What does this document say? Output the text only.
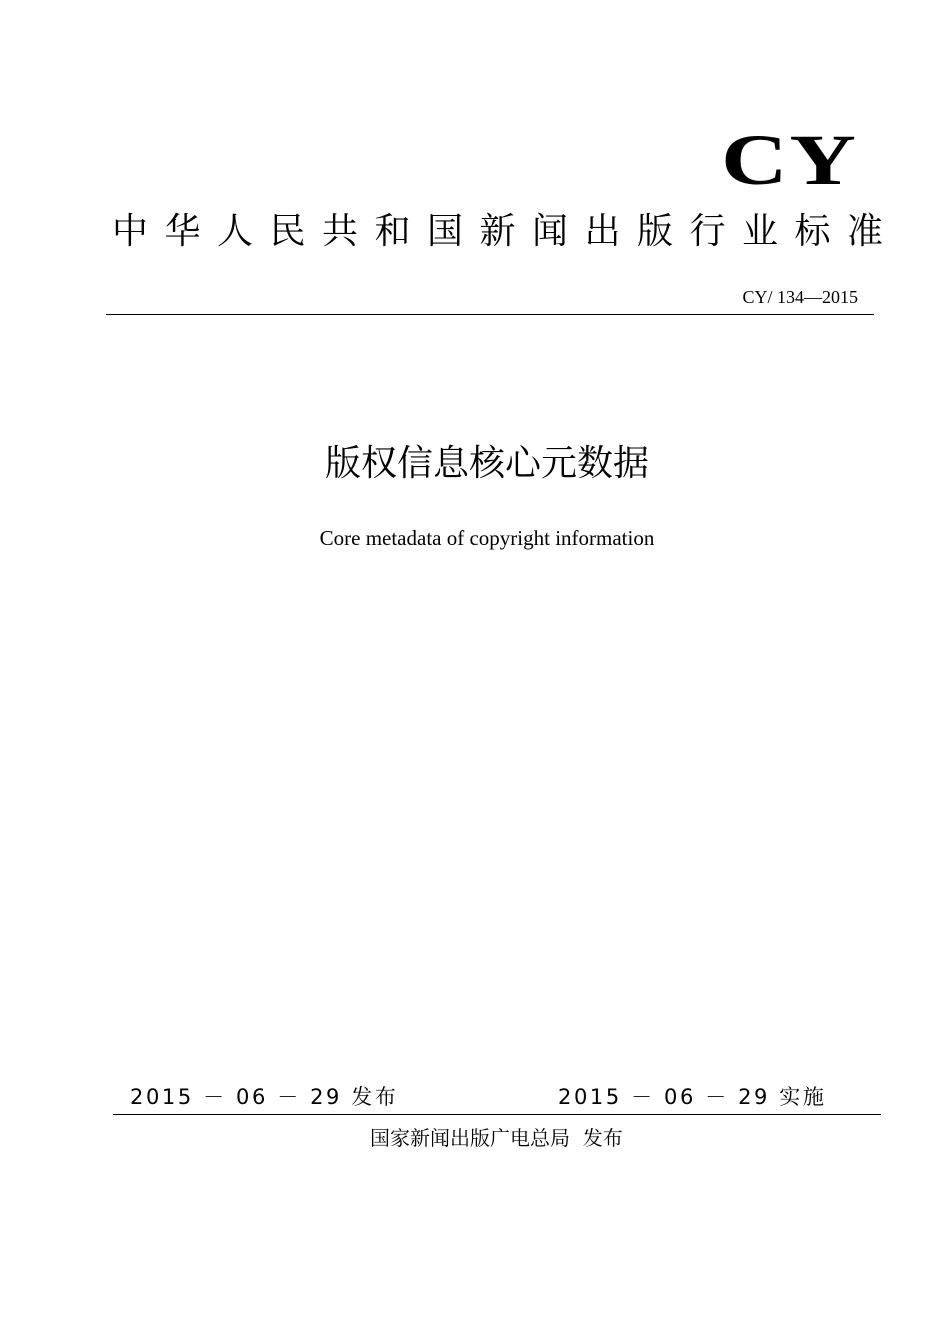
CY
中华人民共和国新闻出版行业标准
CY/ 134—2015
版权信息核心元数据
Core metadata of copyright information
2015 － 06 － 29 发布	2015 － 06 － 29 实施
国家新闻出版广电总局  发布
